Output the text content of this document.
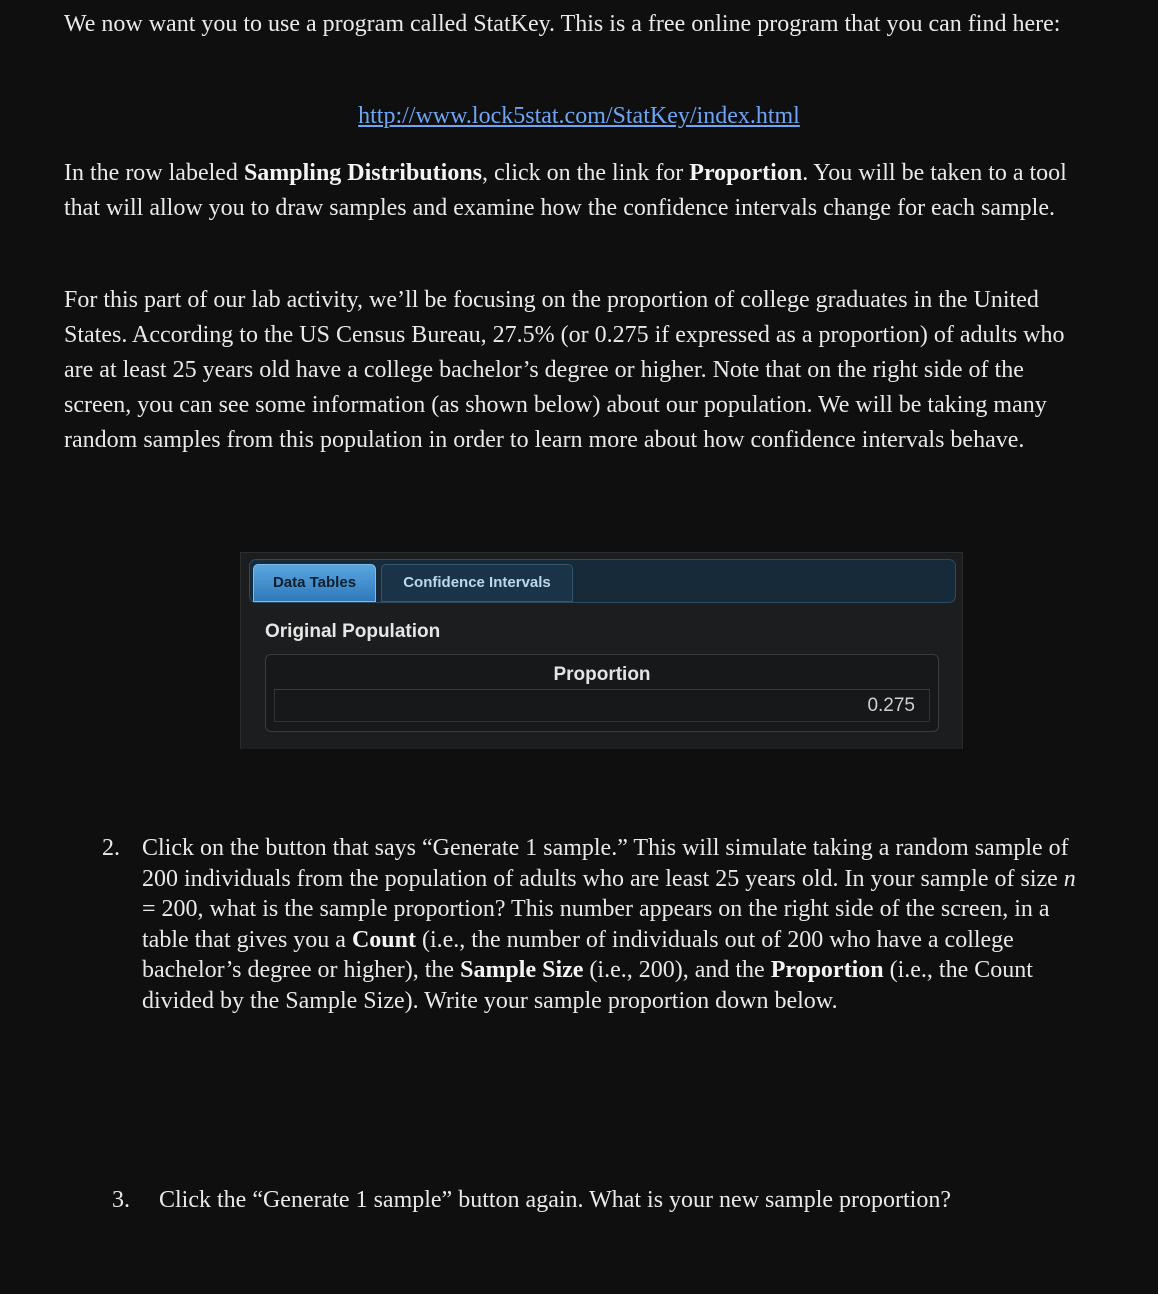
We now want you to use a program called StatKey. This is a free online program that you can find here:

http://www.lock5stat.com/StatKey/index.html

In the row labeled Sampling Distributions, click on the link for Proportion. You will be taken to a tool that will allow you to draw samples and examine how the confidence intervals change for each sample.

For this part of our lab activity, we’ll be focusing on the proportion of college graduates in the United States. According to the US Census Bureau, 27.5% (or 0.275 if expressed as a proportion) of adults who are at least 25 years old have a college bachelor’s degree or higher. Note that on the right side of the screen, you can see some information (as shown below) about our population. We will be taking many random samples from this population in order to learn more about how confidence intervals behave.

Data Tables	Confidence Intervals
Original Population
Proportion
0.275
2. Click on the button that says “Generate 1 sample.” This will simulate taking a random sample of 200 individuals from the population of adults who are least 25 years old. In your sample of size n = 200, what is the sample proportion? This number appears on the right side of the screen, in a table that gives you a Count (i.e., the number of individuals out of 200 who have a college bachelor’s degree or higher), the Sample Size (i.e., 200), and the Proportion (i.e., the Count divided by the Sample Size). Write your sample proportion down below.
3. Click the “Generate 1 sample” button again. What is your new sample proportion?
